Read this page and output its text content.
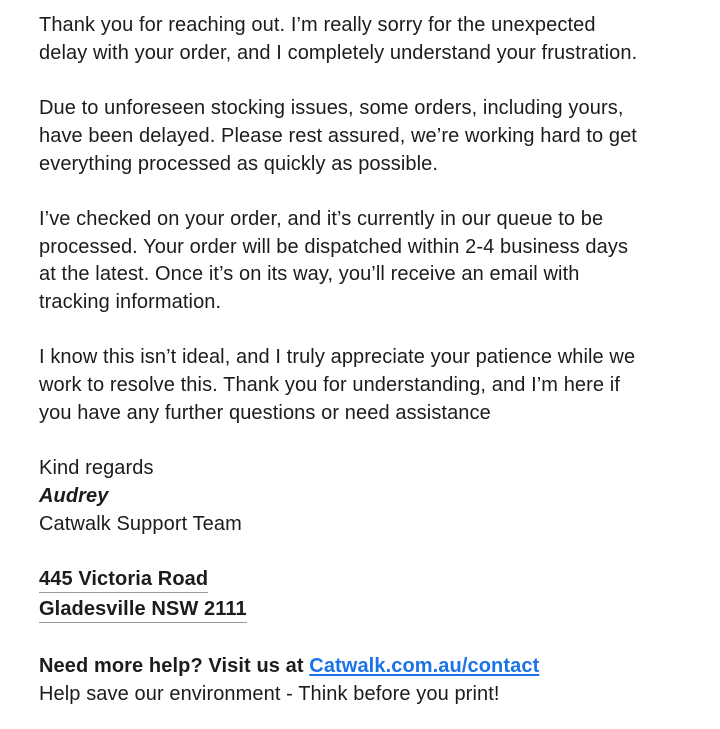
Thank you for reaching out. I’m really sorry for the unexpected
delay with your order, and I completely understand your frustration.

Due to unforeseen stocking issues, some orders, including yours,
have been delayed. Please rest assured, we’re working hard to get
everything processed as quickly as possible.

I’ve checked on your order, and it’s currently in our queue to be
processed. Your order will be dispatched within 2-4 business days
at the latest. Once it’s on its way, you’ll receive an email with
tracking information.

I know this isn’t ideal, and I truly appreciate your patience while we
work to resolve this. Thank you for understanding, and I’m here if
you have any further questions or need assistance

Kind regards
Audrey
Catwalk Support Team
445 Victoria Road
Gladesville NSW 2111
Need more help? Visit us at Catwalk.com.au/contact
Help save our environment - Think before you print!
